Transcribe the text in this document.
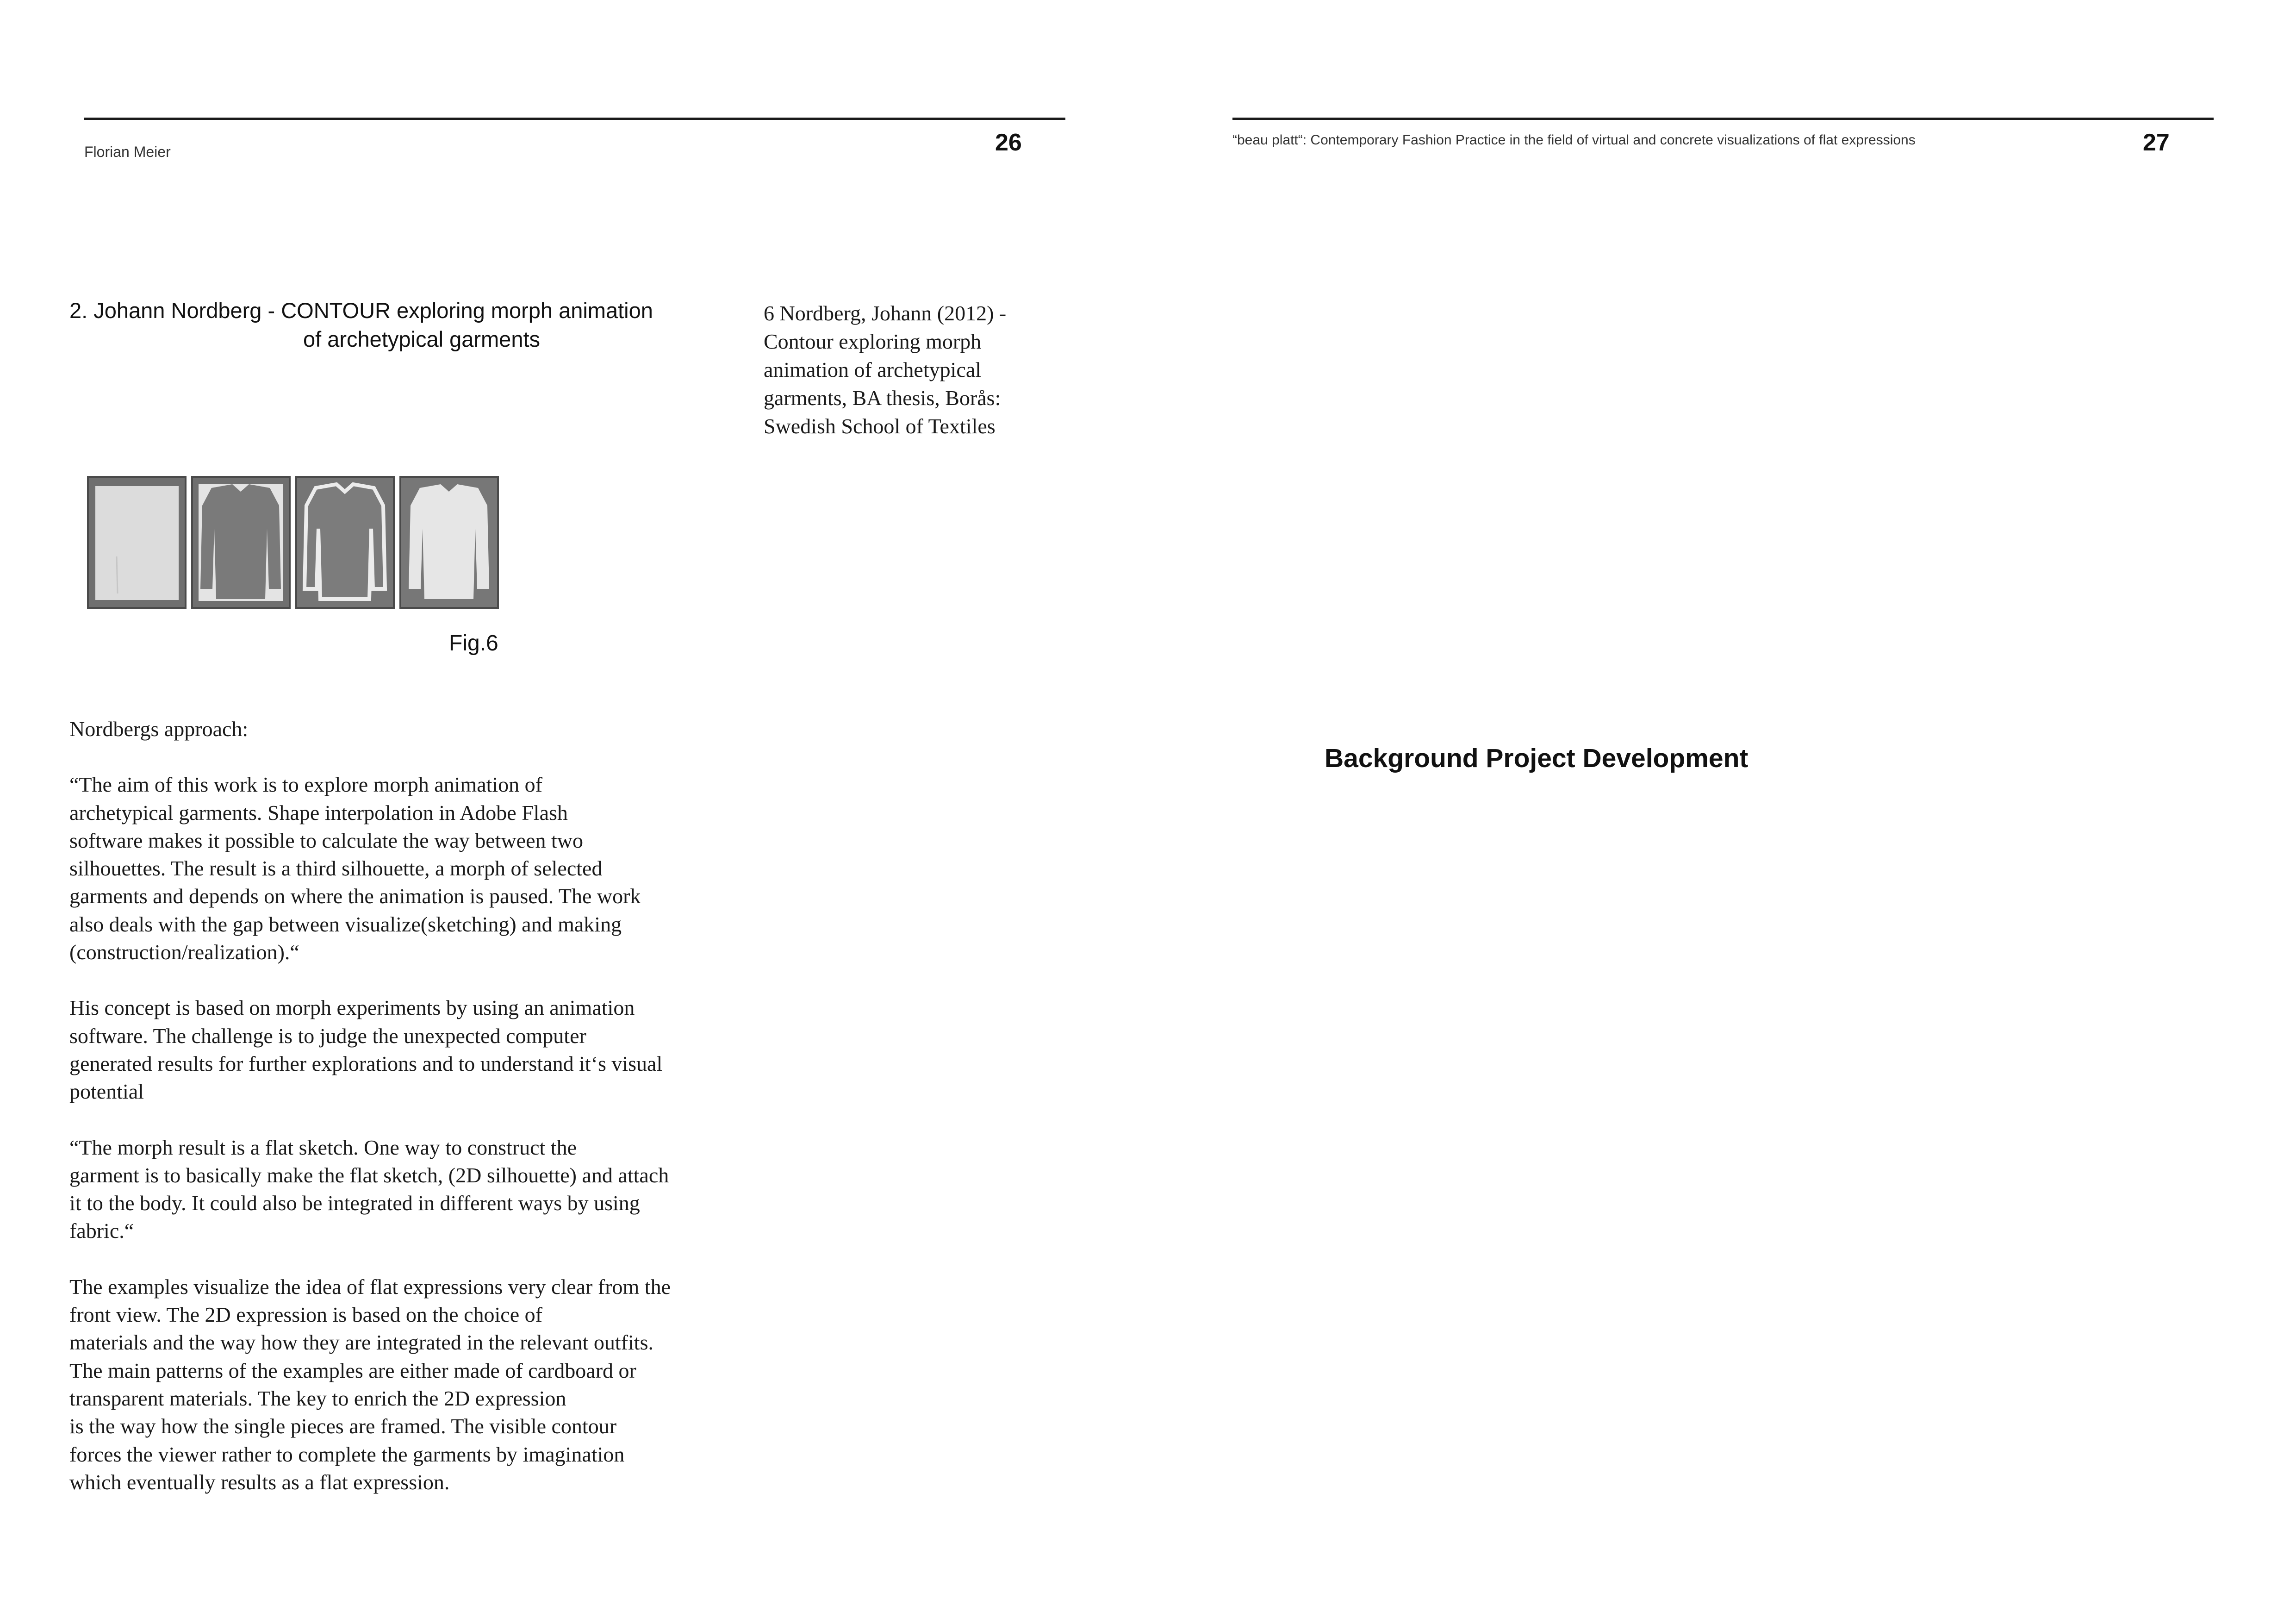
Florian Meier	26
2. Johann Nordberg - CONTOUR exploring morph animation
of archetypical garments
6 Nordberg, Johann (2012) - Contour exploring morph animation of archetypical garments, BA thesis, Borås: Swedish School of Textiles
Fig.6

Nordbergs approach:

“The aim of this work is to explore morph animation of
archetypical garments. Shape interpolation in Adobe Flash
software makes it possible to calculate the way between two
silhouettes. The result is a third silhouette, a morph of selected
garments and depends on where the animation is paused. The work
also deals with the gap between visualize(sketching) and making
(construction/realization).“

His concept is based on morph experiments by using an animation
software. The challenge is to judge the unexpected computer
generated results for further explorations and to understand it‘s visual
potential

“The morph result is a flat sketch. One way to construct the
garment is to basically make the flat sketch, (2D silhouette) and attach
it to the body. It could also be integrated in different ways by using
fabric.“

The examples visualize the idea of flat expressions very clear from the
front view. The 2D expression is based on the choice of
materials and the way how they are integrated in the relevant outfits.
The main patterns of the examples are either made of cardboard or
transparent materials. The key to enrich the 2D expression
is the way how the single pieces are framed. The visible contour
forces the viewer rather to complete the garments by imagination
which eventually results as a flat expression.

“beau platt“: Contemporary Fashion Practice in the field of virtual and concrete visualizations of flat expressions	27
Background Project Development
